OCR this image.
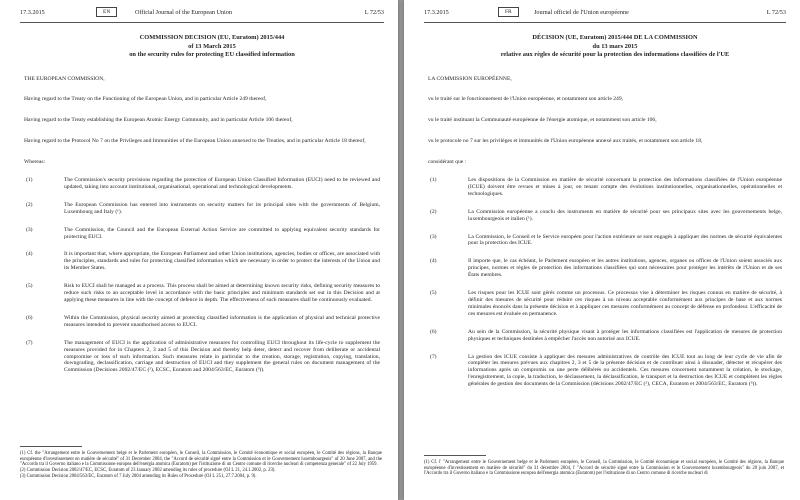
17.3.2015	EN	Official Journal of the European Union	L 72/53
COMMISSION DECISION (EU, Euratom) 2015/444
of 13 March 2015
on the security rules for protecting EU classified information
THE EUROPEAN COMMISSION,
Having regard to the Treaty on the Functioning of the European Union, and in particular Article 249 thereof,
Having regard to the Treaty establishing the European Atomic Energy Community, and in particular Article 106 thereof,
Having regard to the Protocol No 7 on the Privileges and Immunities of the European Union annexed to the Treaties, and in particular Article 18 thereof,
Whereas:
(1)	The Commission's security provisions regarding the protection of European Union Classified Information (EUCI) need to be reviewed and updated, taking into account institutional, organisational, operational and technological developments.
(2)	The European Commission has entered into instruments on security matters for its principal sites with the governments of Belgium, Luxembourg and Italy (¹).
(3)	The Commission, the Council and the European External Action Service are committed to applying equivalent security standards for protecting EUCI.
(4)	It is important that, where appropriate, the European Parliament and other Union institutions, agencies, bodies or offices, are associated with the principles, standards and rules for protecting classified information which are necessary in order to protect the interests of the Union and its Member States.
(5)	Risk to EUCI shall be managed as a process. This process shall be aimed at determining known security risks, defining security measures to reduce such risks to an acceptable level in accordance with the basic principles and minimum standards set out in this Decision and at applying these measures in line with the concept of defence in depth. The effectiveness of such measures shall be continuously evaluated.
(6)	Within the Commission, physical security aimed at protecting classified information is the application of physical and technical protective measures intended to prevent unauthorised access to EUCI.
(7)	The management of EUCI is the application of administrative measures for controlling EUCI throughout its life-cycle to supplement the measures provided for in Chapters 2, 3 and 5 of this Decision and thereby help deter, detect and recover from deliberate or accidental compromise or loss of such information. Such measures relate in particular to the creation, storage, registration, copying, translation, downgrading, declassification, carriage and destruction of EUCI and they supplement the general rules on document management of the Commission (Decisions 2002/47/EC (²), ECSC, Euratom and 2004/563/EC, Euratom (³)).
(1) Cf. the "Arrangement entre le Gouvernement belge et le Parlement européen, le Conseil, la Commission, le Comité économique et social européen, le Comité des régions, la Banque européenne d'investissement en matière de sécurité" of 31 December 2004, the "Accord de sécurité signé entre la Commission et le Gouvernement luxembourgeois" of 20 June 2007, and the "Accordo tra il Governo italiano e la Commissione europea dell'energia atomica (Euratom) per l'istituzione di un Centro comune di ricerche nucleari di competenza generale" of 22 July 1959.
(2) Commission Decision 2002/47/EC, ECSC, Euratom of 23 January 2002 amending its rules of procedure (OJ L 21, 24.1.2002, p. 23).
(3) Commission Decision 2004/563/EC, Euratom of 7 July 2004 amending its Rules of Procedure (OJ L 251, 27.7.2004, p. 9).
17.3.2015	FR	Journal officiel de l'Union européenne	L 72/53
DÉCISION (UE, Euratom) 2015/444 DE LA COMMISSION
du 13 mars 2015
relative aux règles de sécurité pour la protection des informations classifiées de l'UE
LA COMMISSION EUROPÉENNE,
vu le traité sur le fonctionnement de l'Union européenne, et notamment son article 249,
vu le traité instituant la Communauté européenne de l'énergie atomique, et notamment son article 106,
vu le protocole no 7 sur les privilèges et immunités de l'Union européenne annexé aux traités, et notamment son article 18,
considérant que :
(1)	Les dispositions de la Commission en matière de sécurité concernant la protection des informations classifiées de l'Union européenne (ICUE) doivent être revues et mises à jour, en tenant compte des évolutions institutionnelles, organisationnelles, opérationnelles et technologiques.
(2)	La Commission européenne a conclu des instruments en matière de sécurité pour ses principaux sites avec les gouvernements belge, luxembourgeois et italien (¹).
(3)	La Commission, le Conseil et le Service européen pour l'action extérieure se sont engagés à appliquer des normes de sécurité équivalentes pour la protection des ICUE.
(4)	Il importe que, le cas échéant, le Parlement européen et les autres institutions, agences, organes ou offices de l'Union soient associés aux principes, normes et règles de protection des informations classifiées qui sont nécessaires pour protéger les intérêts de l'Union et de ses États membres.
(5)	Les risques pour les ICUE sont gérés comme un processus. Ce processus vise à déterminer les risques connus en matière de sécurité, à définir des mesures de sécurité pour réduire ces risques à un niveau acceptable conformément aux principes de base et aux normes minimales énoncés dans la présente décision et à appliquer ces mesures conformément au concept de défense en profondeur. L'efficacité de ces mesures est évaluée en permanence.
(6)	Au sein de la Commission, la sécurité physique visant à protéger les informations classifiées est l'application de mesures de protection physiques et techniques destinées à empêcher l'accès non autorisé aux ICUE.
(7)	La gestion des ICUE consiste à appliquer des mesures administratives de contrôle des ICUE tout au long de leur cycle de vie afin de compléter les mesures prévues aux chapitres 2, 3 et 5 de la présente décision et de contribuer ainsi à dissuader, détecter et récupérer des informations après un compromis ou une perte délibérés ou accidentels. Ces mesures concernent notamment la création, le stockage, l'enregistrement, la copie, la traduction, le déclassement, la déclassification, le transport et la destruction des ICUE et complètent les règles générales de gestion des documents de la Commission (décisions 2002/47/EC (²), CECA, Euratom et 2004/563/EC, Euratom (³)).
(1) Cf. l' "Arrangement entre le Gouvernement belge et le Parlement européen, le Conseil, la Commission, le Comité économique et social européen, le Comité des régions, la Banque européenne d'investissement en matière de sécurité" du 31 décembre 2004, l' "Accord de sécurité signé entre la Commission et le Gouvernement luxembourgeois" du 20 juin 2007, et l'Accordo tra il Governo italiano e la Commissione europea dell'energia atomica (Euratom) per l'istituzione di un Centro comune di ricerche nucleari di
